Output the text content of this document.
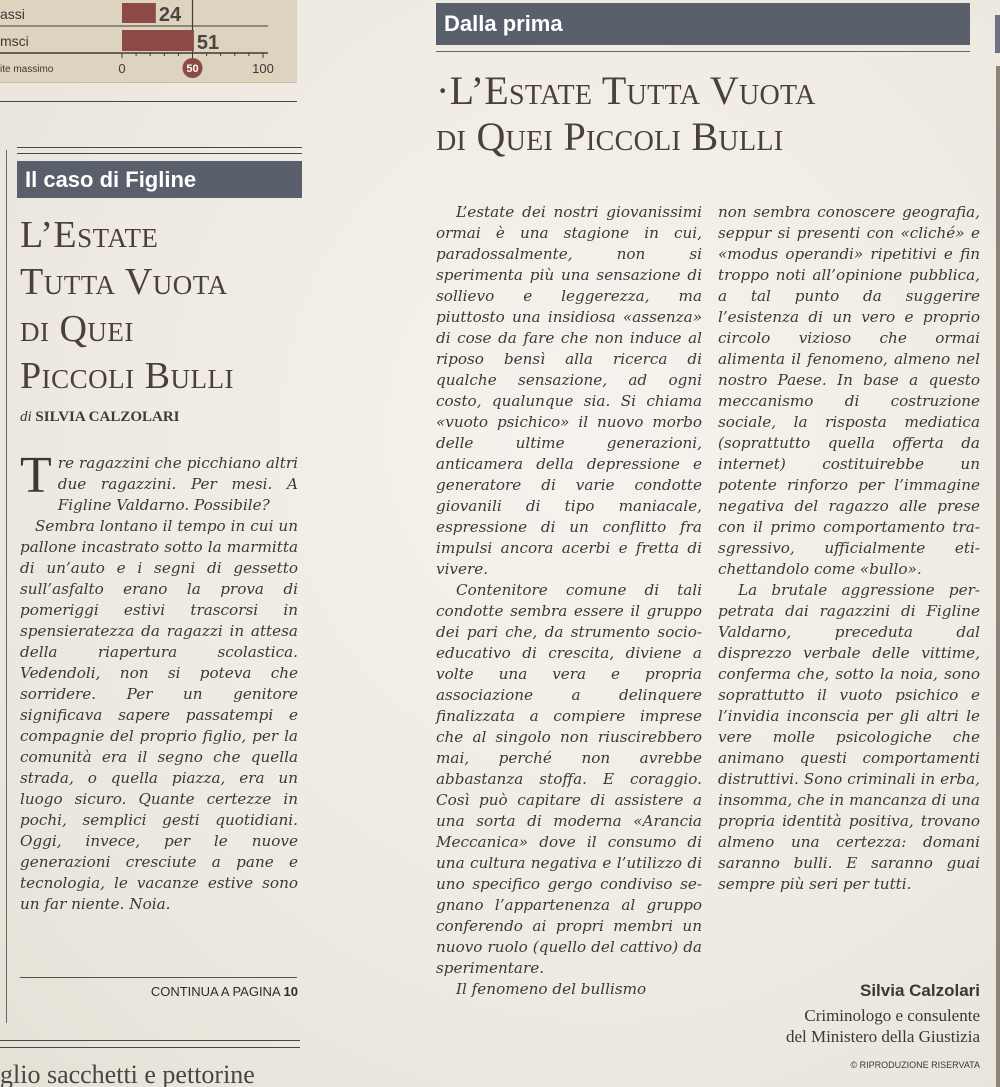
assi
msci
ite massimo	0	50	100
24
51
Il caso di Figline
L’Estate
Tutta Vuota
di Quei
Piccoli Bulli
di SILVIA CALZOLARI

Tre ragazzini che picchiano altri due ragazzini. Per mesi. A Figline Valdarno. Possibile?

Sembra lontano il tempo in cui un pallone incastrato sotto la marmitta di un’auto e i segni di gessetto sull’asfalto erano la prova di pomeriggi estivi trascorsi in spensieratezza da ragazzi in attesa della riapertura scolastica. Vedendoli, non si poteva che sorridere. Per un genitore significava sapere passatempi e compagnie del proprio figlio, per la comunità era il segno che quella strada, o quella piazza, era un luogo sicuro. Quante certezze in pochi, semplici gesti quotidiani. Oggi, invece, per le nuove generazioni cresciute a pane e tecnologia, le vacanze estive sono un far niente. Noia.

CONTINUA A PAGINA 10
glio sacchetti e pettorine
Dalla prima
·L’Estate Tutta Vuota
di Quei Piccoli Bulli

L’estate dei nostri giovanissimi ormai è una stagione in cui, paradossalmente, non si sperimenta più una sensazione di sollievo e leggerezza, ma piuttosto una insidiosa «assenza» di cose da fare che non induce al riposo bensì alla ricerca di qualche sensazione, ad ogni costo, qualunque sia. Si chiama «vuoto psichico» il nuovo morbo delle ultime generazioni, anticamera della depressione e generatore di varie condotte giovanili di tipo maniacale, espressione di un conflitto fra impulsi ancora acerbi e fretta di vivere.

Contenitore comune di tali condotte sembra essere il gruppo dei pari che, da strumento socio-educativo di crescita, diviene a volte una vera e propria associazione a delinquere finalizzata a compiere imprese che al singolo non riuscirebbero mai, perché non avrebbe abbastanza stoffa. E coraggio. Così può capitare di assistere a una sorta di moderna «Arancia Meccanica» dove il consumo di una cultura negativa e l’utilizzo di uno specifico gergo condiviso segnano l’appartenenza al gruppo conferendo ai propri membri un nuovo ruolo (quello del cattivo) da sperimentare.

Il fenomeno del bullismo

non sembra conoscere geografia, seppur si presenti con «cliché» e «modus operandi» ripetitivi e fin troppo noti all’opinione pubblica, a tal punto da suggerire l’esistenza di un vero e proprio circolo vizioso che ormai alimenta il fenomeno, almeno nel nostro Paese. In base a questo meccanismo di costruzione sociale, la risposta mediatica (soprattutto quella offerta da internet) costituirebbe un potente rinforzo per l’immagine negativa del ragazzo alle prese con il primo comportamento trasgressivo, ufficialmente etichettandolo come «bullo».

La brutale aggressione perpetrata dai ragazzini di Figline Valdarno, preceduta dal disprezzo verbale delle vittime, conferma che, sotto la noia, sono soprattutto il vuoto psichico e l’invidia inconscia per gli altri le vere molle psicologiche che animano questi comportamenti distruttivi. Sono criminali in erba, insomma, che in mancanza di una propria identità positiva, trovano almeno una certezza: domani saranno bulli. E saranno guai sempre più seri per tutti.

Silvia Calzolari
Criminologo e consulente
del Ministero della Giustizia
© RIPRODUZIONE RISERVATA
